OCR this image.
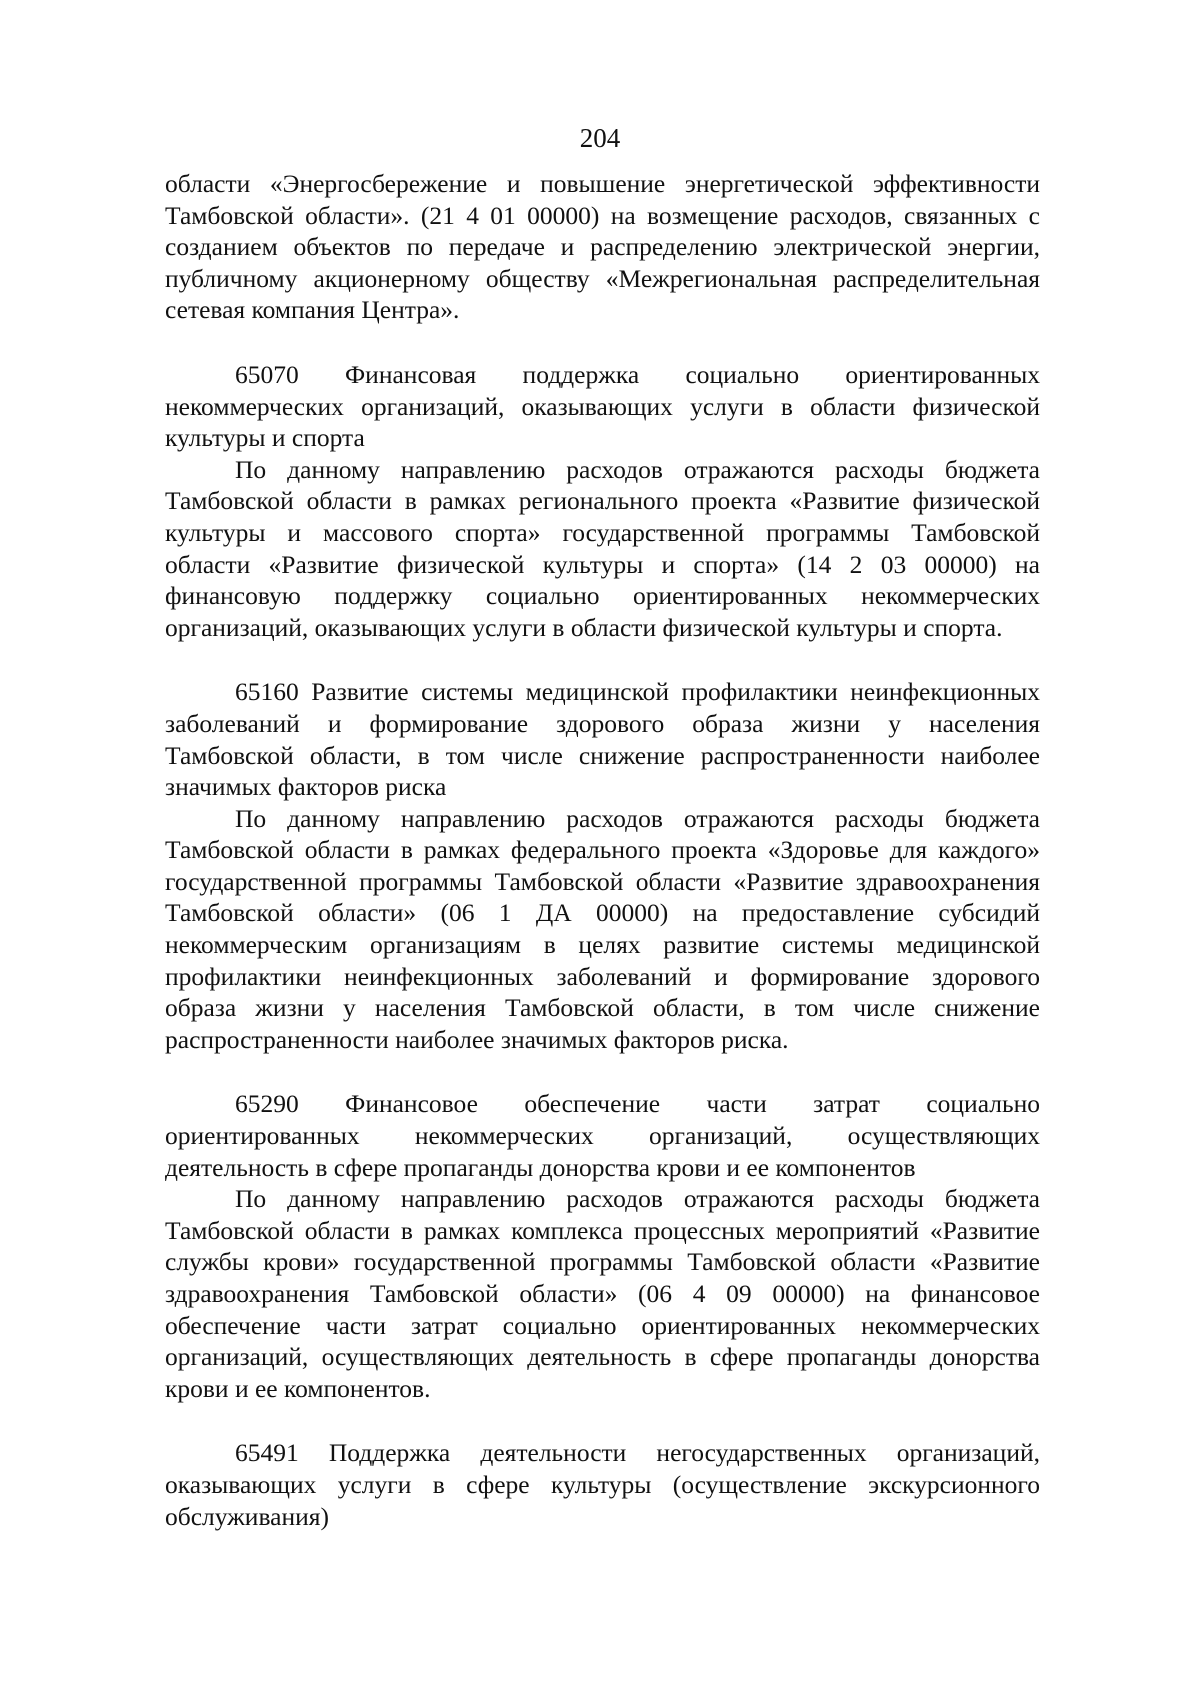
204
области «Энергосбережение и повышение энергетической эффективности
Тамбовской области». (21 4 01 00000) на возмещение расходов, связанных с
созданием объектов по передаче и распределению электрической энергии,
публичному акционерному обществу «Межрегиональная распределительная
сетевая компания Центра».
65070 Финансовая поддержка социально ориентированных
некоммерческих организаций, оказывающих услуги в области физической
культуры и спорта
По данному направлению расходов отражаются расходы бюджета
Тамбовской области в рамках регионального проекта «Развитие физической
культуры и массового спорта» государственной программы Тамбовской
области «Развитие физической культуры и спорта» (14 2 03 00000) на
финансовую поддержку социально ориентированных некоммерческих
организаций, оказывающих услуги в области физической культуры и спорта.
65160 Развитие системы медицинской профилактики неинфекционных
заболеваний и формирование здорового образа жизни у населения
Тамбовской области, в том числе снижение распространенности наиболее
значимых факторов риска
По данному направлению расходов отражаются расходы бюджета
Тамбовской области в рамках федерального проекта «Здоровье для каждого»
государственной программы Тамбовской области «Развитие здравоохранения
Тамбовской области» (06 1 ДА 00000) на предоставление субсидий
некоммерческим организациям в целях развитие системы медицинской
профилактики неинфекционных заболеваний и формирование здорового
образа жизни у населения Тамбовской области, в том числе снижение
распространенности наиболее значимых факторов риска.
65290 Финансовое обеспечение части затрат социально
ориентированных некоммерческих организаций, осуществляющих
деятельность в сфере пропаганды донорства крови и ее компонентов
По данному направлению расходов отражаются расходы бюджета
Тамбовской области в рамках комплекса процессных мероприятий «Развитие
службы крови» государственной программы Тамбовской области «Развитие
здравоохранения Тамбовской области» (06 4 09 00000) на финансовое
обеспечение части затрат социально ориентированных некоммерческих
организаций, осуществляющих деятельность в сфере пропаганды донорства
крови и ее компонентов.
65491 Поддержка деятельности негосударственных организаций,
оказывающих услуги в сфере культуры (осуществление экскурсионного
обслуживания)
